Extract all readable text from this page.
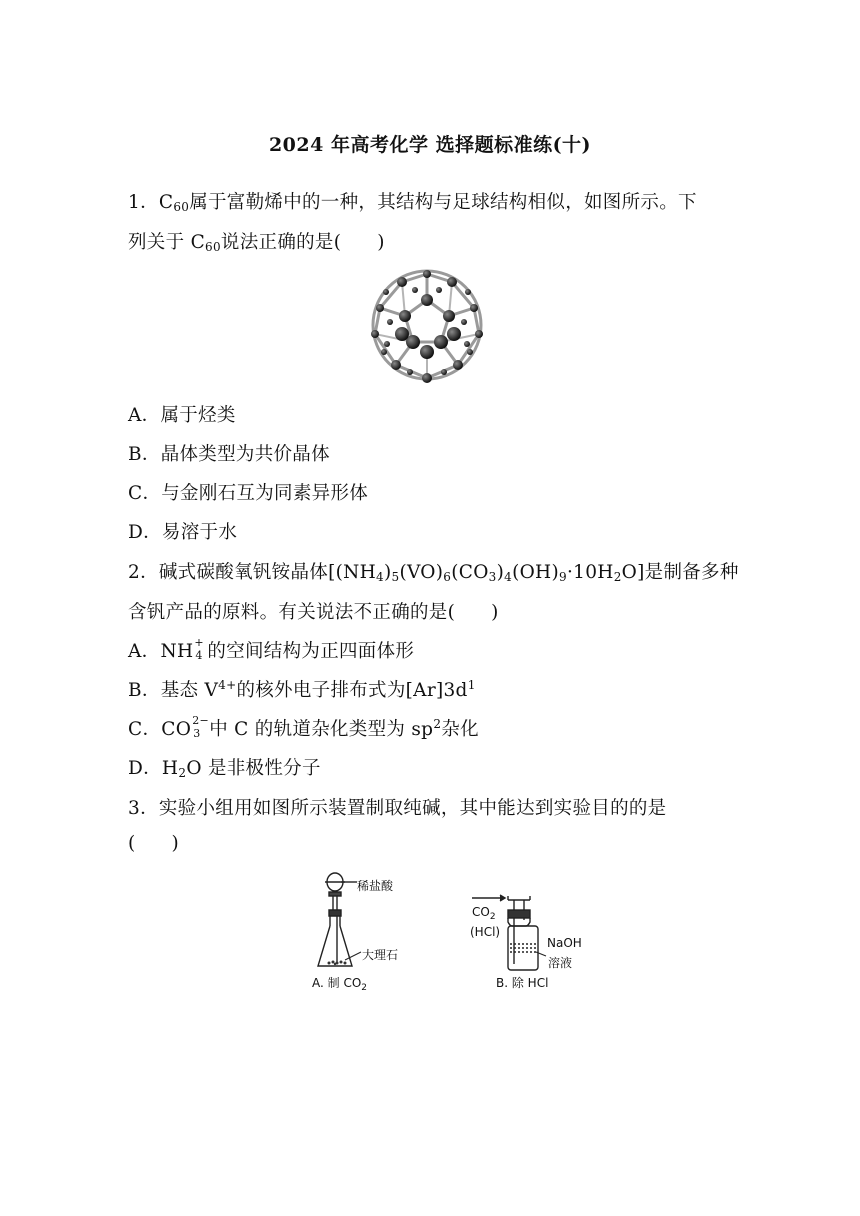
2024 年高考化学 选择题标准练(十)
1．$C_{60}$属于富勒烯中的一种，其结构与足球结构相似，如图所示。下
列关于 $C_{60}$说法正确的是( )
A．属于烃类
B．晶体类型为共价晶体
C．与金刚石互为同素异形体
D．易溶于水
2．碱式碳酸氧钒铵晶体$[(NH_4)_5(VO)_6(CO_3)_4(OH)_9\cdot 10H_2O]$是制备多种
含钒产品的原料。有关说法不正确的是( )
A．NH +
4 的空间结构为正四面体形
B．基态 $V^{4+}$的核外电子排布式为$[Ar]3d^1$
C．CO 2−
3 中 C 的轨道杂化类型为 $sp^2$杂化
D．$H_2O$ 是非极性分子
3．实验小组用如图所示装置制取纯碱，其中能达到实验目的的是
( )
稀盐酸
大理石
A. 制 $CO_2$
$CO_2$
(HCl)
NaOH
溶液
B. 除 HCl
